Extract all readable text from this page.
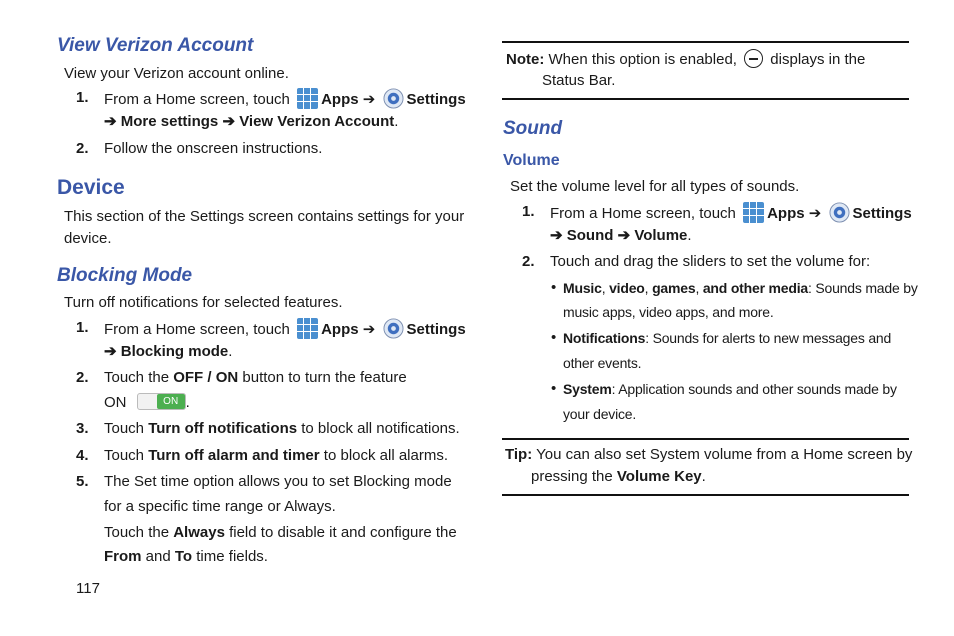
View Verizon Account
View your Verizon account online.
1. From a Home screen, touch Apps ➔ Settings
➔ More settings ➔ View Verizon Account.
2. Follow the onscreen instructions.
Device
This section of the Settings screen contains settings for your
device.
Blocking Mode
Turn off notifications for selected features.
1. From a Home screen, touch Apps ➔ Settings
➔ Blocking mode.
2. Touch the OFF / ON button to turn the feature
ON	ON .
3. Touch Turn off notifications to block all notifications.
4. Touch Turn off alarm and timer to block all alarms.
5. The Set time option allows you to set Blocking mode
for a specific time range or Always.
Touch the Always field to disable it and configure the
From and To time fields.
117
Note: When this option is enabled, displays in the
Status Bar.
Sound
Volume
Set the volume level for all types of sounds.
1. From a Home screen, touch Apps ➔ Settings
➔ Sound ➔ Volume.
2. Touch and drag the sliders to set the volume for:
• Music, video, games, and other media: Sounds made by
music apps, video apps, and more.
• Notifications: Sounds for alerts to new messages and
other events.
• System: Application sounds and other sounds made by
your device.
Tip: You can also set System volume from a Home screen by
pressing the Volume Key.
